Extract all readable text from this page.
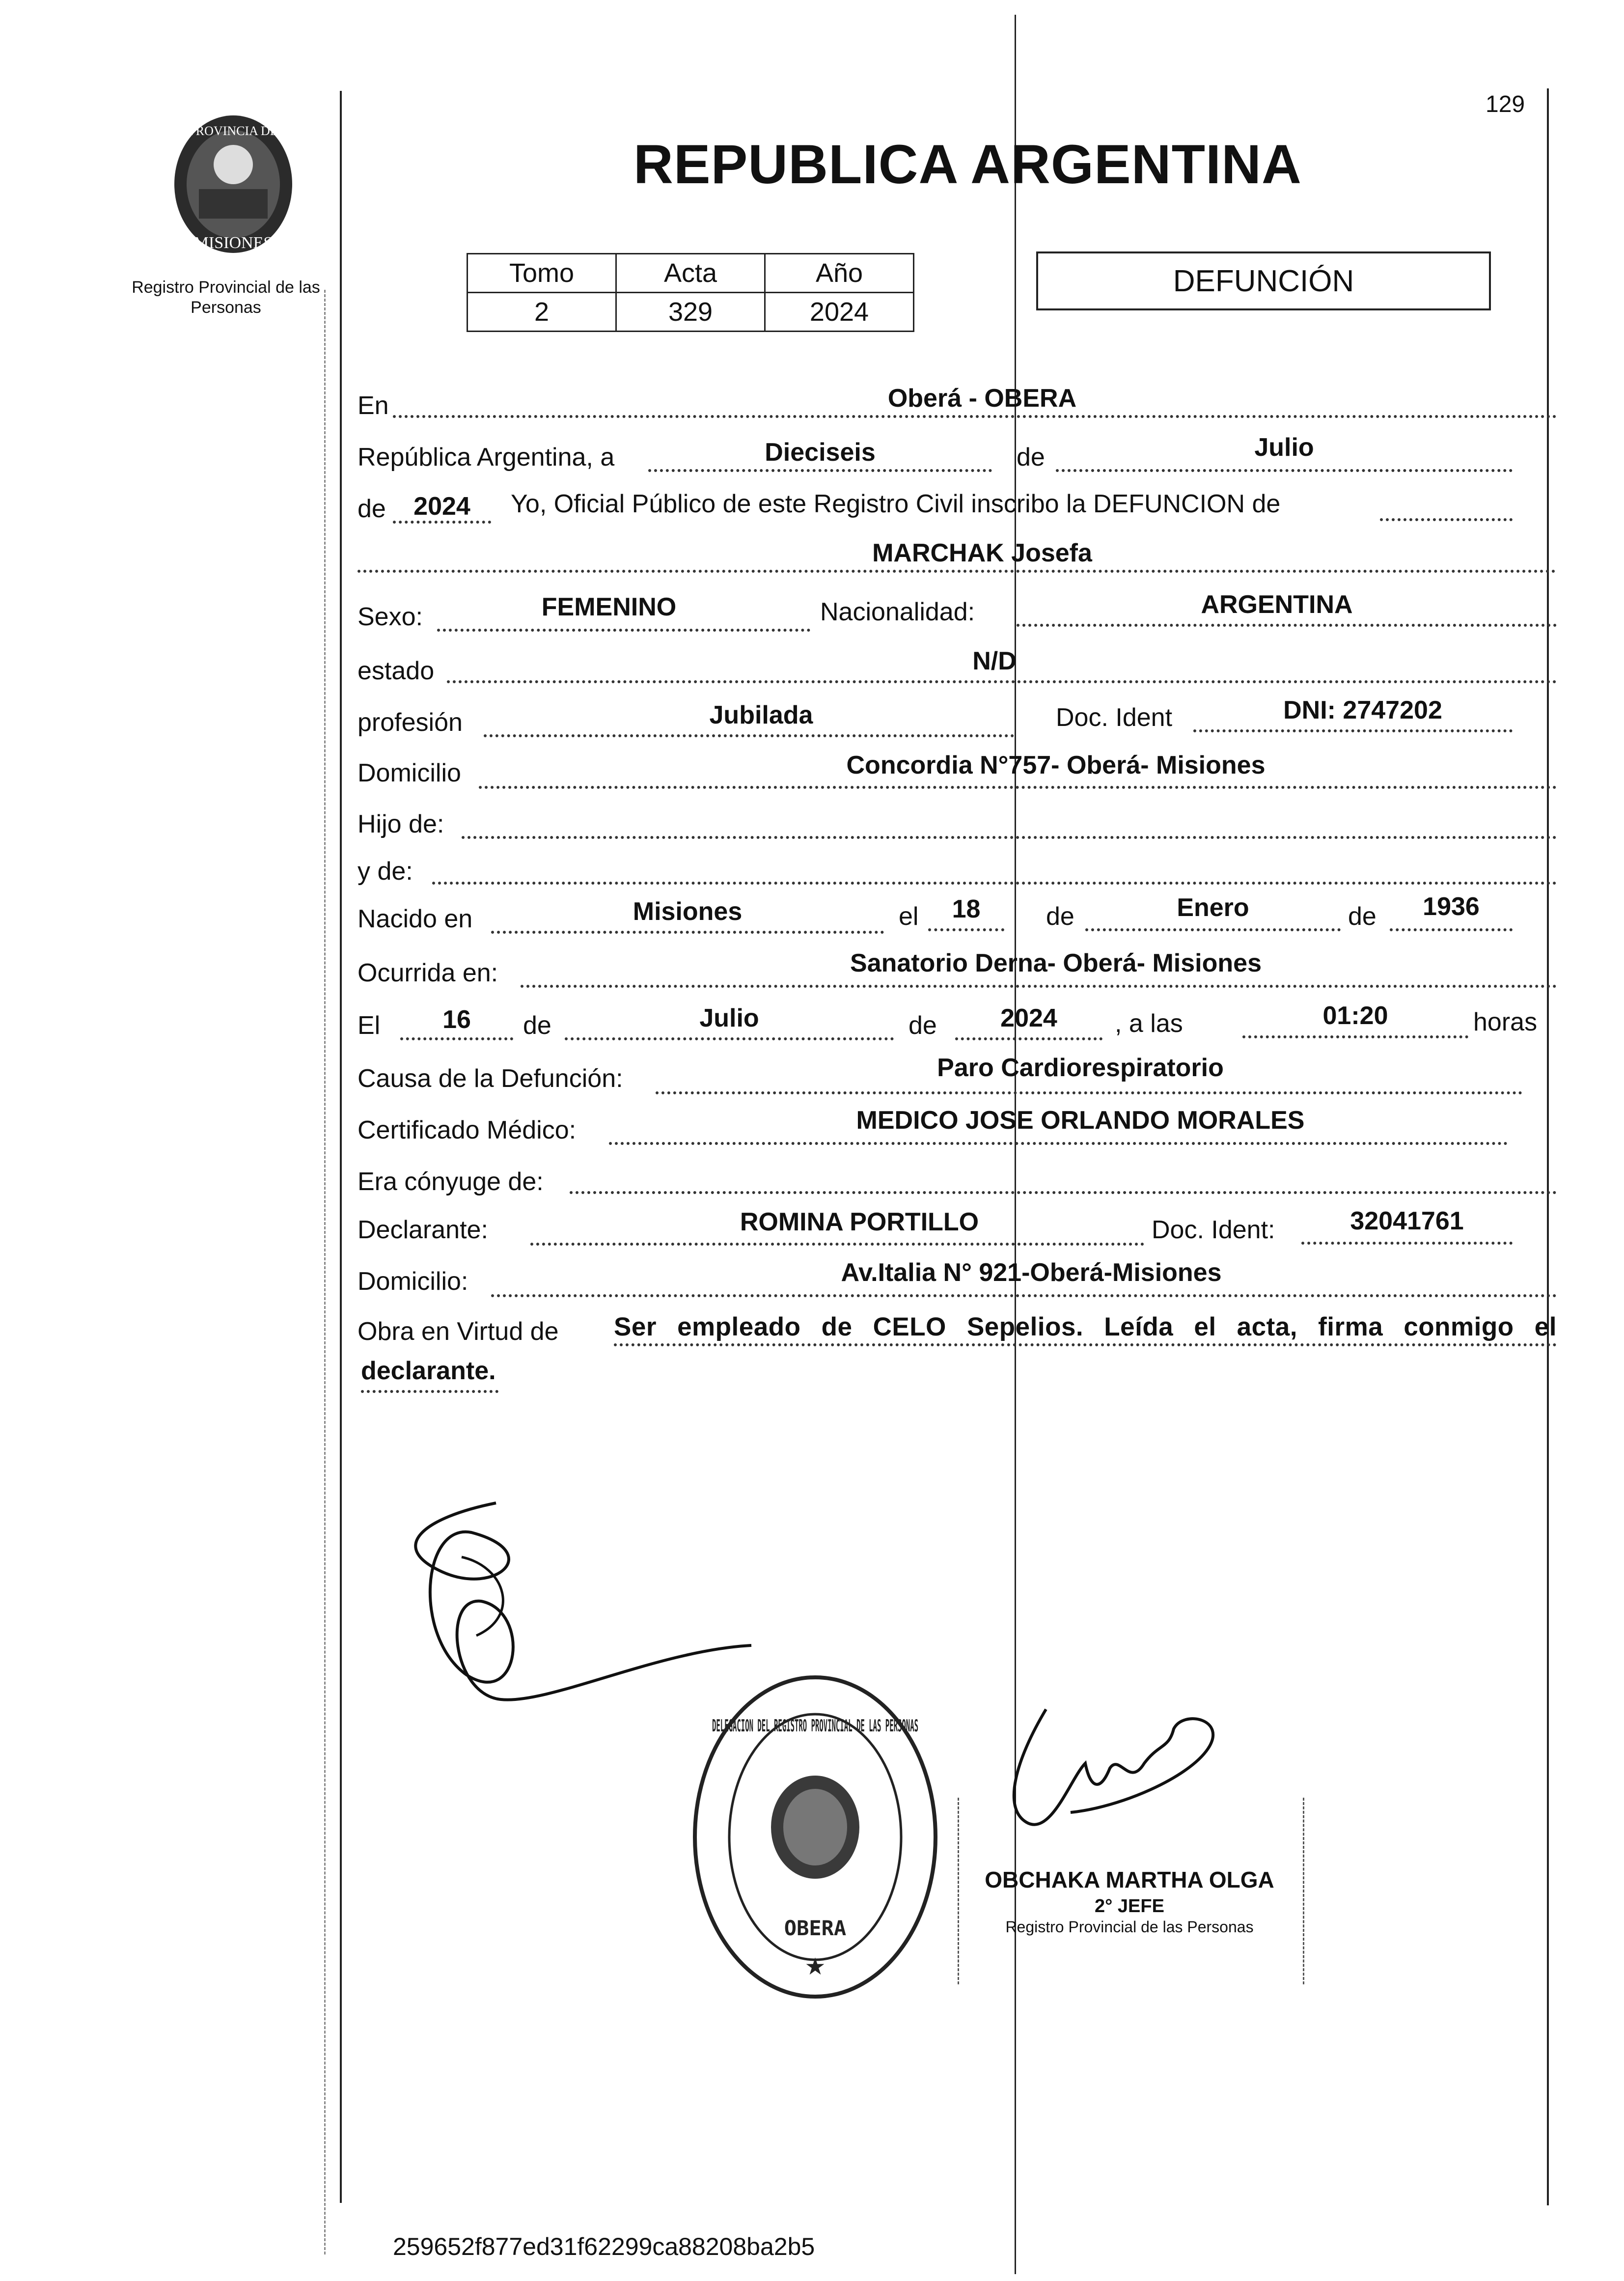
129
PROVINCIA DE
MISIONES
Registro Provincial de las Personas
REPUBLICA ARGENTINA
Tomo	Acta	Año
2	329	2024
DEFUNCIÓN
En	Oberá - OBERA
República Argentina, a	Dieciseis	de	Julio
de	2024	Yo, Oficial Público de este Registro Civil inscribo la DEFUNCION de
MARCHAK Josefa
Sexo:	FEMENINO	Nacionalidad:	ARGENTINA
estado	N/D
profesión	Jubilada	Doc. Ident	DNI: 2747202
Domicilio	Concordia N°757- Oberá- Misiones
Hijo de:
y de:
Nacido en	Misiones	el	18	de	Enero	de	1936
Ocurrida en:	Sanatorio Derna- Oberá- Misiones
El	16	de	Julio	de	2024	, a las	01:20	horas
Causa de la Defunción:	Paro Cardiorespiratorio
Certificado Médico:	MEDICO JOSE ORLANDO MORALES
Era cónyuge de:
Declarante:	ROMINA PORTILLO	Doc. Ident:	32041761
Domicilio:	Av.Italia N° 921-Oberá-Misiones
Obra en Virtud de Ser empleado de CELO Sepelios. Leída el acta, firma conmigo el
declarante.
DELEGACION DEL REGISTRO PROVINCIAL DE LAS PERSONAS
OBERA
★
OBCHAKA MARTHA OLGA
2° JEFE
Registro Provincial de las Personas
259652f877ed31f62299ca88208ba2b5
